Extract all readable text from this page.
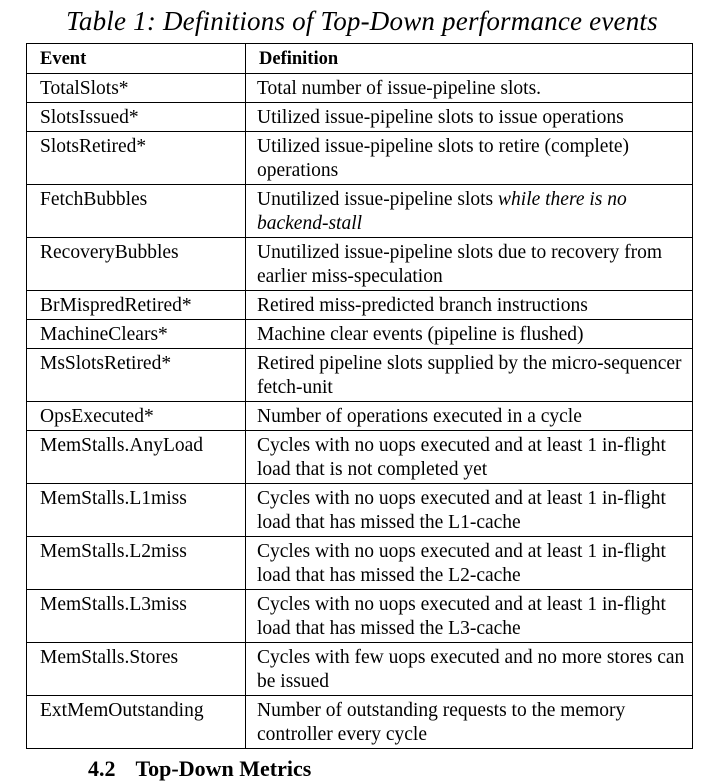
Table 1: Definitions of Top-Down performance events
Event	Definition
TotalSlots*	Total number of issue-pipeline slots.
SlotsIssued*	Utilized issue-pipeline slots to issue operations
SlotsRetired*	Utilized issue-pipeline slots to retire (complete) operations
FetchBubbles	Unutilized issue-pipeline slots while there is no backend-stall
RecoveryBubbles	Unutilized issue-pipeline slots due to recovery from earlier miss-speculation
BrMispredRetired*	Retired miss-predicted branch instructions
MachineClears*	Machine clear events (pipeline is flushed)
MsSlotsRetired*	Retired pipeline slots supplied by the micro-sequencer fetch-unit
OpsExecuted*	Number of operations executed in a cycle
MemStalls.AnyLoad	Cycles with no uops executed and at least 1 in-flight load that is not completed yet
MemStalls.L1miss	Cycles with no uops executed and at least 1 in-flight load that has missed the L1-cache
MemStalls.L2miss	Cycles with no uops executed and at least 1 in-flight load that has missed the L2-cache
MemStalls.L3miss	Cycles with no uops executed and at least 1 in-flight load that has missed the L3-cache
MemStalls.Stores	Cycles with few uops executed and no more stores can be issued
ExtMemOutstanding	Number of outstanding requests to the memory controller every cycle
4.2 Top-Down Metrics
